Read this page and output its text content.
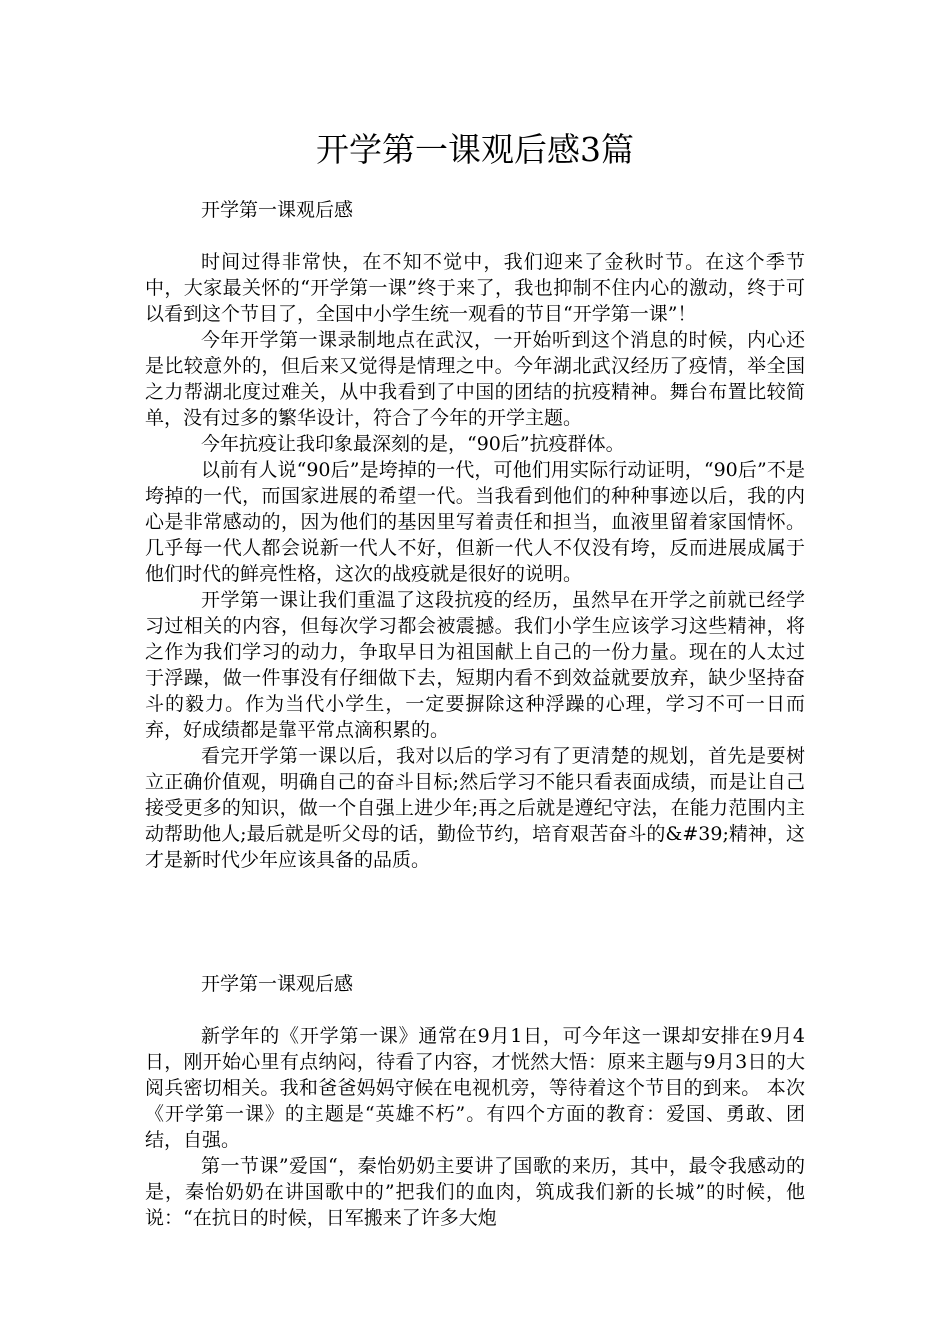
开学第一课观后感3篇
开学第一课观后感

时间过得非常快，在不知不觉中，我们迎来了金秋时节。在这个季节中，大家最关怀的“开学第一课”终于来了，我也抑制不住内心的激动，终于可以看到这个节目了，全国中小学生统一观看的节目“开学第一课”！

今年开学第一课录制地点在武汉，一开始听到这个消息的时候，内心还是比较意外的，但后来又觉得是情理之中。今年湖北武汉经历了疫情，举全国之力帮湖北度过难关，从中我看到了中国的团结的抗疫精神。舞台布置比较简单，没有过多的繁华设计，符合了今年的开学主题。

今年抗疫让我印象最深刻的是，“90后”抗疫群体。

以前有人说“90后”是垮掉的一代，可他们用实际行动证明，“90后”不是垮掉的一代，而国家进展的希望一代。当我看到他们的种种事迹以后，我的内心是非常感动的，因为他们的基因里写着责任和担当，血液里留着家国情怀。几乎每一代人都会说新一代人不好，但新一代人不仅没有垮，反而进展成属于他们时代的鲜亮性格，这次的战疫就是很好的说明。

开学第一课让我们重温了这段抗疫的经历，虽然早在开学之前就已经学习过相关的内容，但每次学习都会被震撼。我们小学生应该学习这些精神，将之作为我们学习的动力，争取早日为祖国献上自己的一份力量。现在的人太过于浮躁，做一件事没有仔细做下去，短期内看不到效益就要放弃，缺少坚持奋斗的毅力。作为当代小学生，一定要摒除这种浮躁的心理，学习不可一日而弃，好成绩都是靠平常点滴积累的。

看完开学第一课以后，我对以后的学习有了更清楚的规划，首先是要树立正确价值观，明确自己的奋斗目标;然后学习不能只看表面成绩，而是让自己接受更多的知识，做一个自强上进少年;再之后就是遵纪守法，在能力范围内主动帮助他人;最后就是听父母的话，勤俭节约，培育艰苦奋斗的&#39;精神，这才是新时代少年应该具备的品质。

开学第一课观后感

新学年的《开学第一课》通常在9月1日，可今年这一课却安排在9月4日，刚开始心里有点纳闷，待看了内容，才恍然大悟：原来主题与9月3日的大阅兵密切相关。我和爸爸妈妈守候在电视机旁，等待着这个节目的到来。 本次《开学第一课》的主题是“英雄不朽”。有四个方面的教育：爱国、勇敢、团结，自强。

第一节课”爱国“，秦怡奶奶主要讲了国歌的来历，其中，最令我感动的是，秦怡奶奶在讲国歌中的”把我们的血肉，筑成我们新的长城”的时候，他说：“在抗日的时候，日军搬来了许多大炮
